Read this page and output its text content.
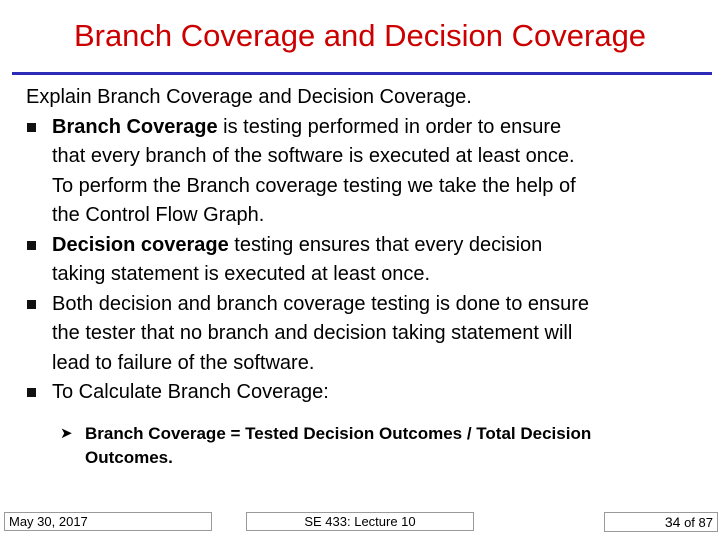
Branch Coverage and Decision Coverage
Explain Branch Coverage and Decision Coverage.
Branch Coverage is testing performed in order to ensure
that every branch of the software is executed at least once.
To perform the Branch coverage testing we take the help of
the Control Flow Graph.
Decision coverage testing ensures that every decision
taking statement is executed at least once.
Both decision and branch coverage testing is done to ensure
the tester that no branch and decision taking statement will
lead to failure of the software.
To Calculate Branch Coverage:
➤ Branch Coverage = Tested Decision Outcomes / Total Decision
Outcomes.
May 30, 2017	SE 433: Lecture 10	34 of 87
